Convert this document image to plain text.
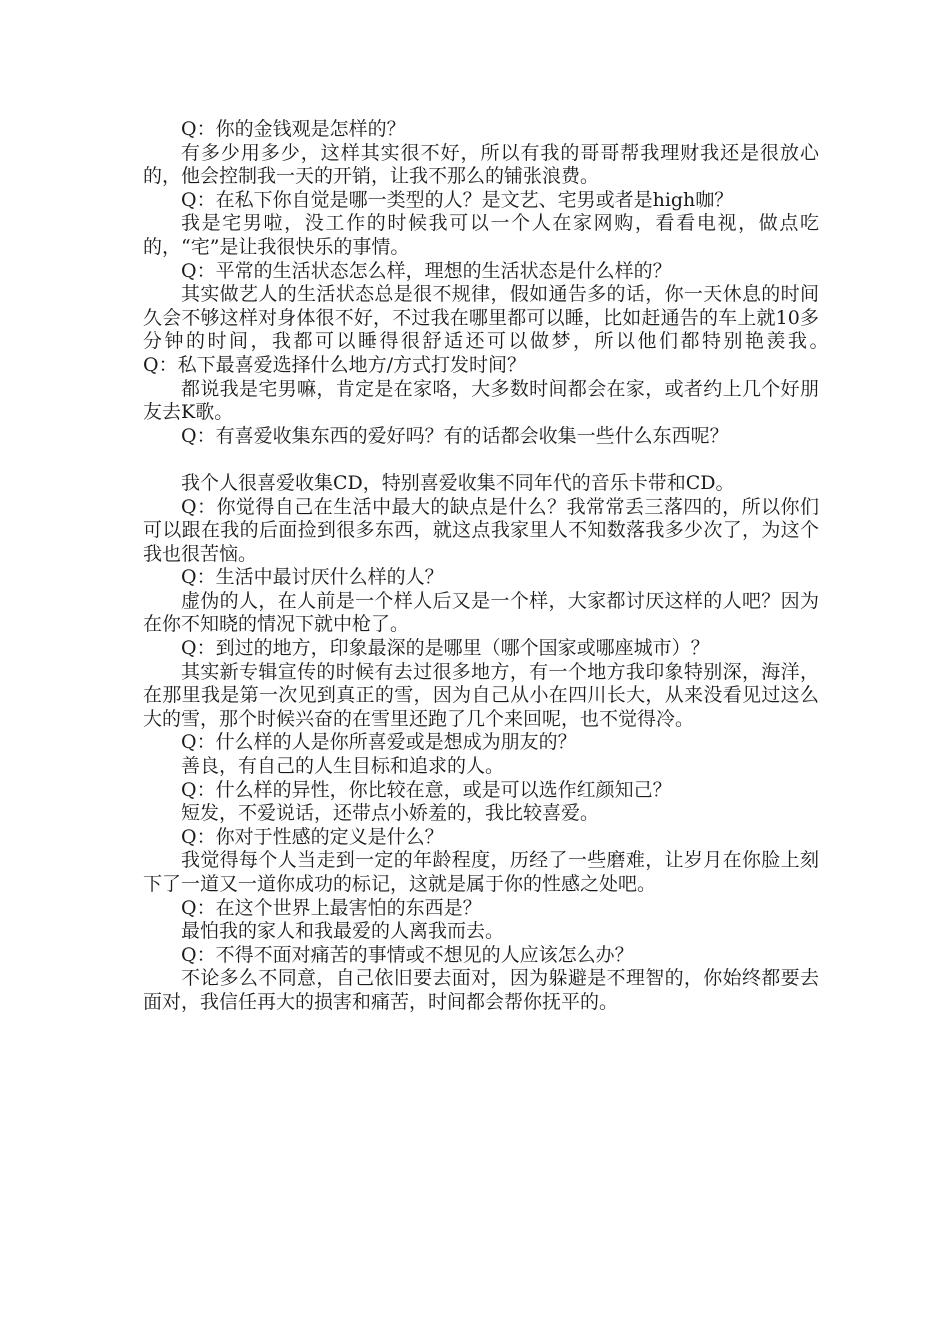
Q：你的金钱观是怎样的？

有多少用多少，这样其实很不好，所以有我的哥哥帮我理财我还是很放心的，他会控制我一天的开销，让我不那么的铺张浪费。

Q：在私下你自觉是哪一类型的人？是文艺、宅男或者是high咖？

我是宅男啦，没工作的时候我可以一个人在家网购，看看电视，做点吃的，“宅”是让我很快乐的事情。

Q：平常的生活状态怎么样，理想的生活状态是什么样的？

其实做艺人的生活状态总是很不规律，假如通告多的话，你一天休息的时间久会不够这样对身体很不好，不过我在哪里都可以睡，比如赶通告的车上就10多分钟的时间，我都可以睡得很舒适还可以做梦，所以他们都特别艳羡我。　　　Q：私下最喜爱选择什么地方/方式打发时间？

都说我是宅男嘛，肯定是在家咯，大多数时间都会在家，或者约上几个好朋友去K歌。

Q：有喜爱收集东西的爱好吗？有的话都会收集一些什么东西呢？

我个人很喜爱收集CD，特别喜爱收集不同年代的音乐卡带和CD。

Q：你觉得自己在生活中最大的缺点是什么？我常常丢三落四的，所以你们可以跟在我的后面捡到很多东西，就这点我家里人不知数落我多少次了，为这个我也很苦恼。

Q：生活中最讨厌什么样的人？

虚伪的人，在人前是一个样人后又是一个样，大家都讨厌这样的人吧？因为在你不知晓的情况下就中枪了。

Q：到过的地方，印象最深的是哪里（哪个国家或哪座城市）？

其实新专辑宣传的时候有去过很多地方，有一个地方我印象特别深，海洋，在那里我是第一次见到真正的雪，因为自己从小在四川长大，从来没看见过这么大的雪，那个时候兴奋的在雪里还跑了几个来回呢，也不觉得冷。

Q：什么样的人是你所喜爱或是想成为朋友的？

善良，有自己的人生目标和追求的人。

Q：什么样的异性，你比较在意，或是可以选作红颜知己？

短发，不爱说话，还带点小娇羞的，我比较喜爱。

Q：你对于性感的定义是什么？

我觉得每个人当走到一定的年龄程度，历经了一些磨难，让岁月在你脸上刻下了一道又一道你成功的标记，这就是属于你的性感之处吧。

Q：在这个世界上最害怕的东西是？

最怕我的家人和我最爱的人离我而去。

Q：不得不面对痛苦的事情或不想见的人应该怎么办？

不论多么不同意，自己依旧要去面对，因为躲避是不理智的，你始终都要去面对，我信任再大的损害和痛苦，时间都会帮你抚平的。
